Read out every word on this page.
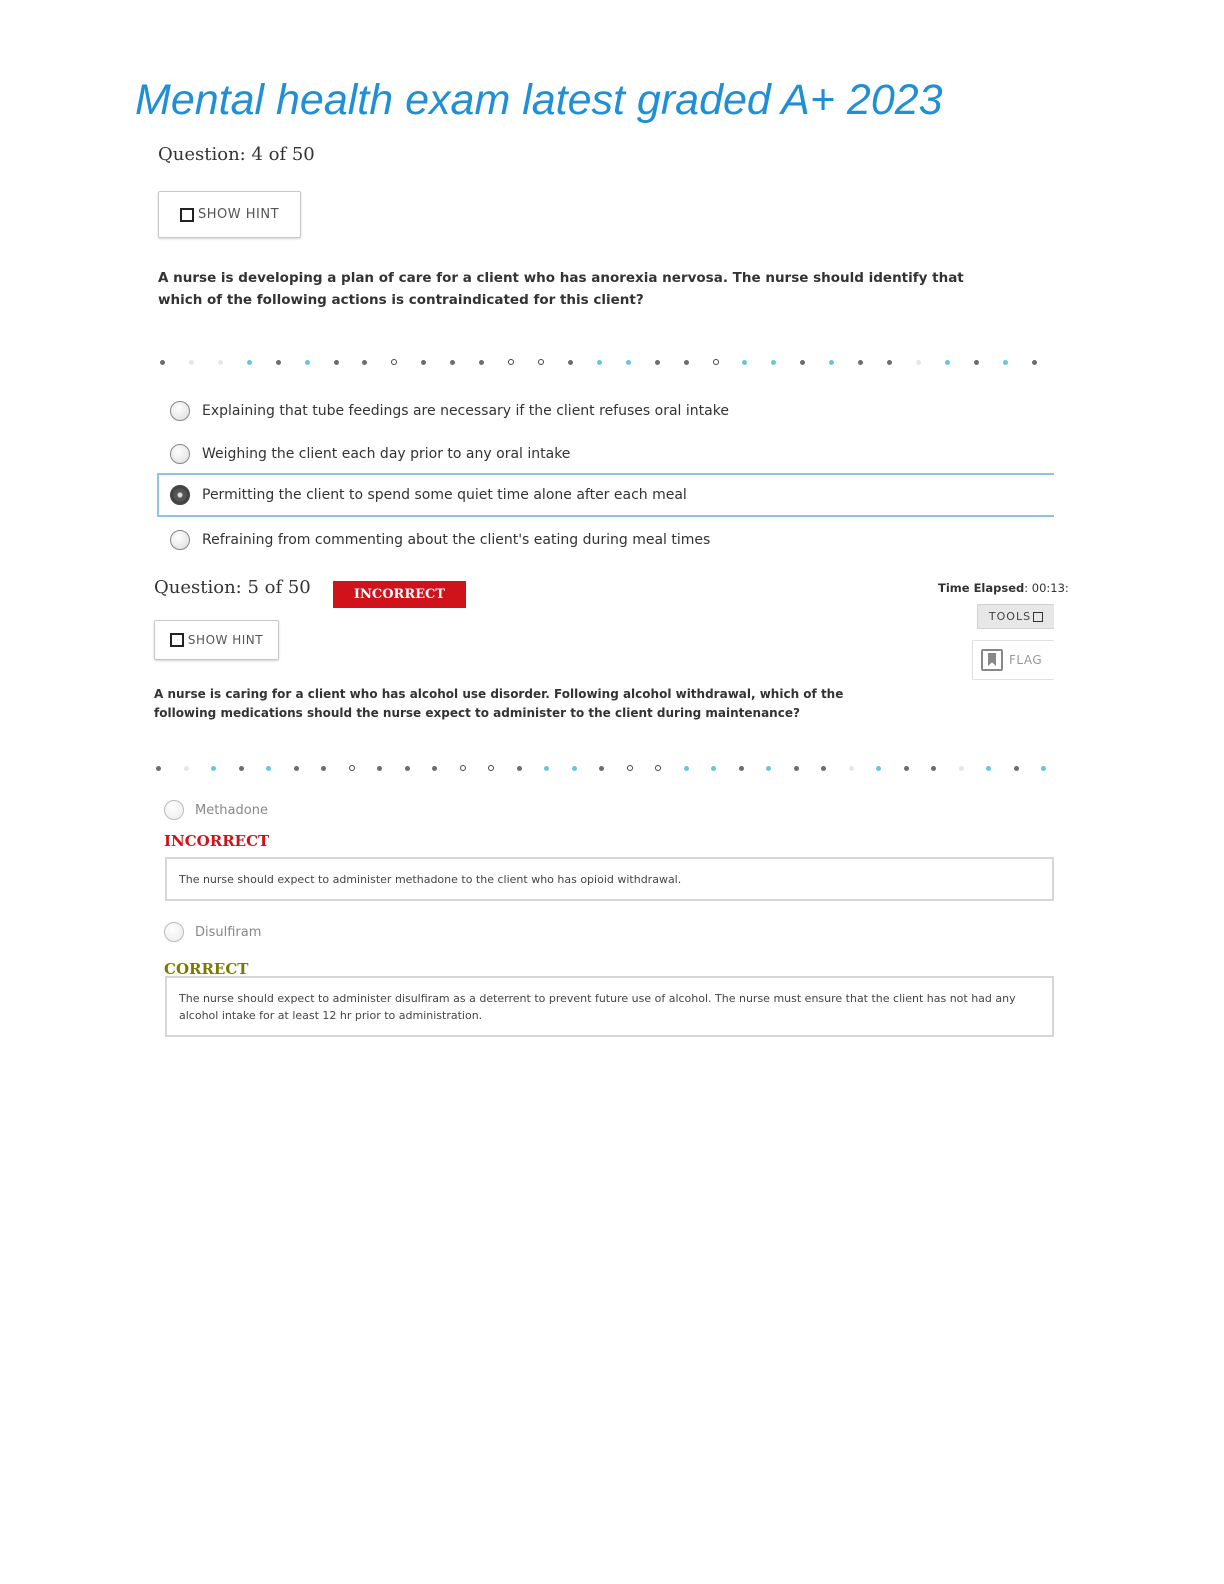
Mental health exam latest graded A+ 2023
Question: 4 of 50
SHOW HINT
A nurse is developing a plan of care for a client who has anorexia nervosa. The nurse should identify that which of the following actions is contraindicated for this client?
Explaining that tube feedings are necessary if the client refuses oral intake
Weighing the client each day prior to any oral intake
Permitting the client to spend some quiet time alone after each meal
Refraining from commenting about the client's eating during meal times
Question: 5 of 50	INCORRECT	Time Elapsed: 00:13:
TOOLS
FLAG
SHOW HINT
A nurse is caring for a client who has alcohol use disorder. Following alcohol withdrawal, which of the following medications should the nurse expect to administer to the client during maintenance?
Methadone
INCORRECT
The nurse should expect to administer methadone to the client who has opioid withdrawal.
Disulfiram
CORRECT
The nurse should expect to administer disulfiram as a deterrent to prevent future use of alcohol. The nurse must ensure that the client has not had any alcohol intake for at least 12 hr prior to administration.
